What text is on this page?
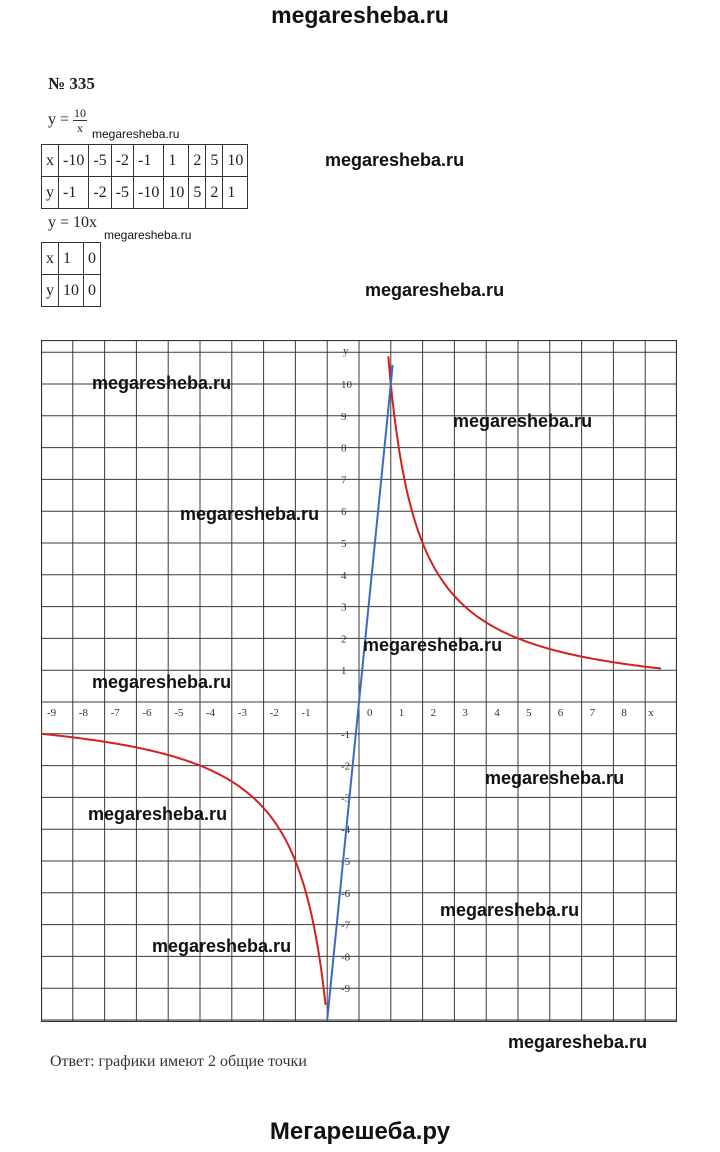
megaresheba.ru
№ 335
$y = \frac{10}{x}$ megaresheba.ru
x	-10	-5	-2	-1	1	2	5	10
y	-1	-2	-5	-10	10	5	2	1
y = 10x
megaresheba.ru
x	1	0
y	10	0
-9 -8 -7 -6 -5 -4 -3 -2 -1	0 1 2 3 4 5 6 7 8 x
10
9
8
7
6
5
4
3
2
1
-1
-2
-3
-4
-5
-6
-7
-8
-9
y
Ответ: графики имеют 2 общие точки
megaresheba.ru
megaresheba.ru
megaresheba.ru
megaresheba.ru
megaresheba.ru
megaresheba.ru
megaresheba.ru
megaresheba.ru
megaresheba.ru
megaresheba.ru
megaresheba.ru
megaresheba.ru
Мегарешеба.ру
